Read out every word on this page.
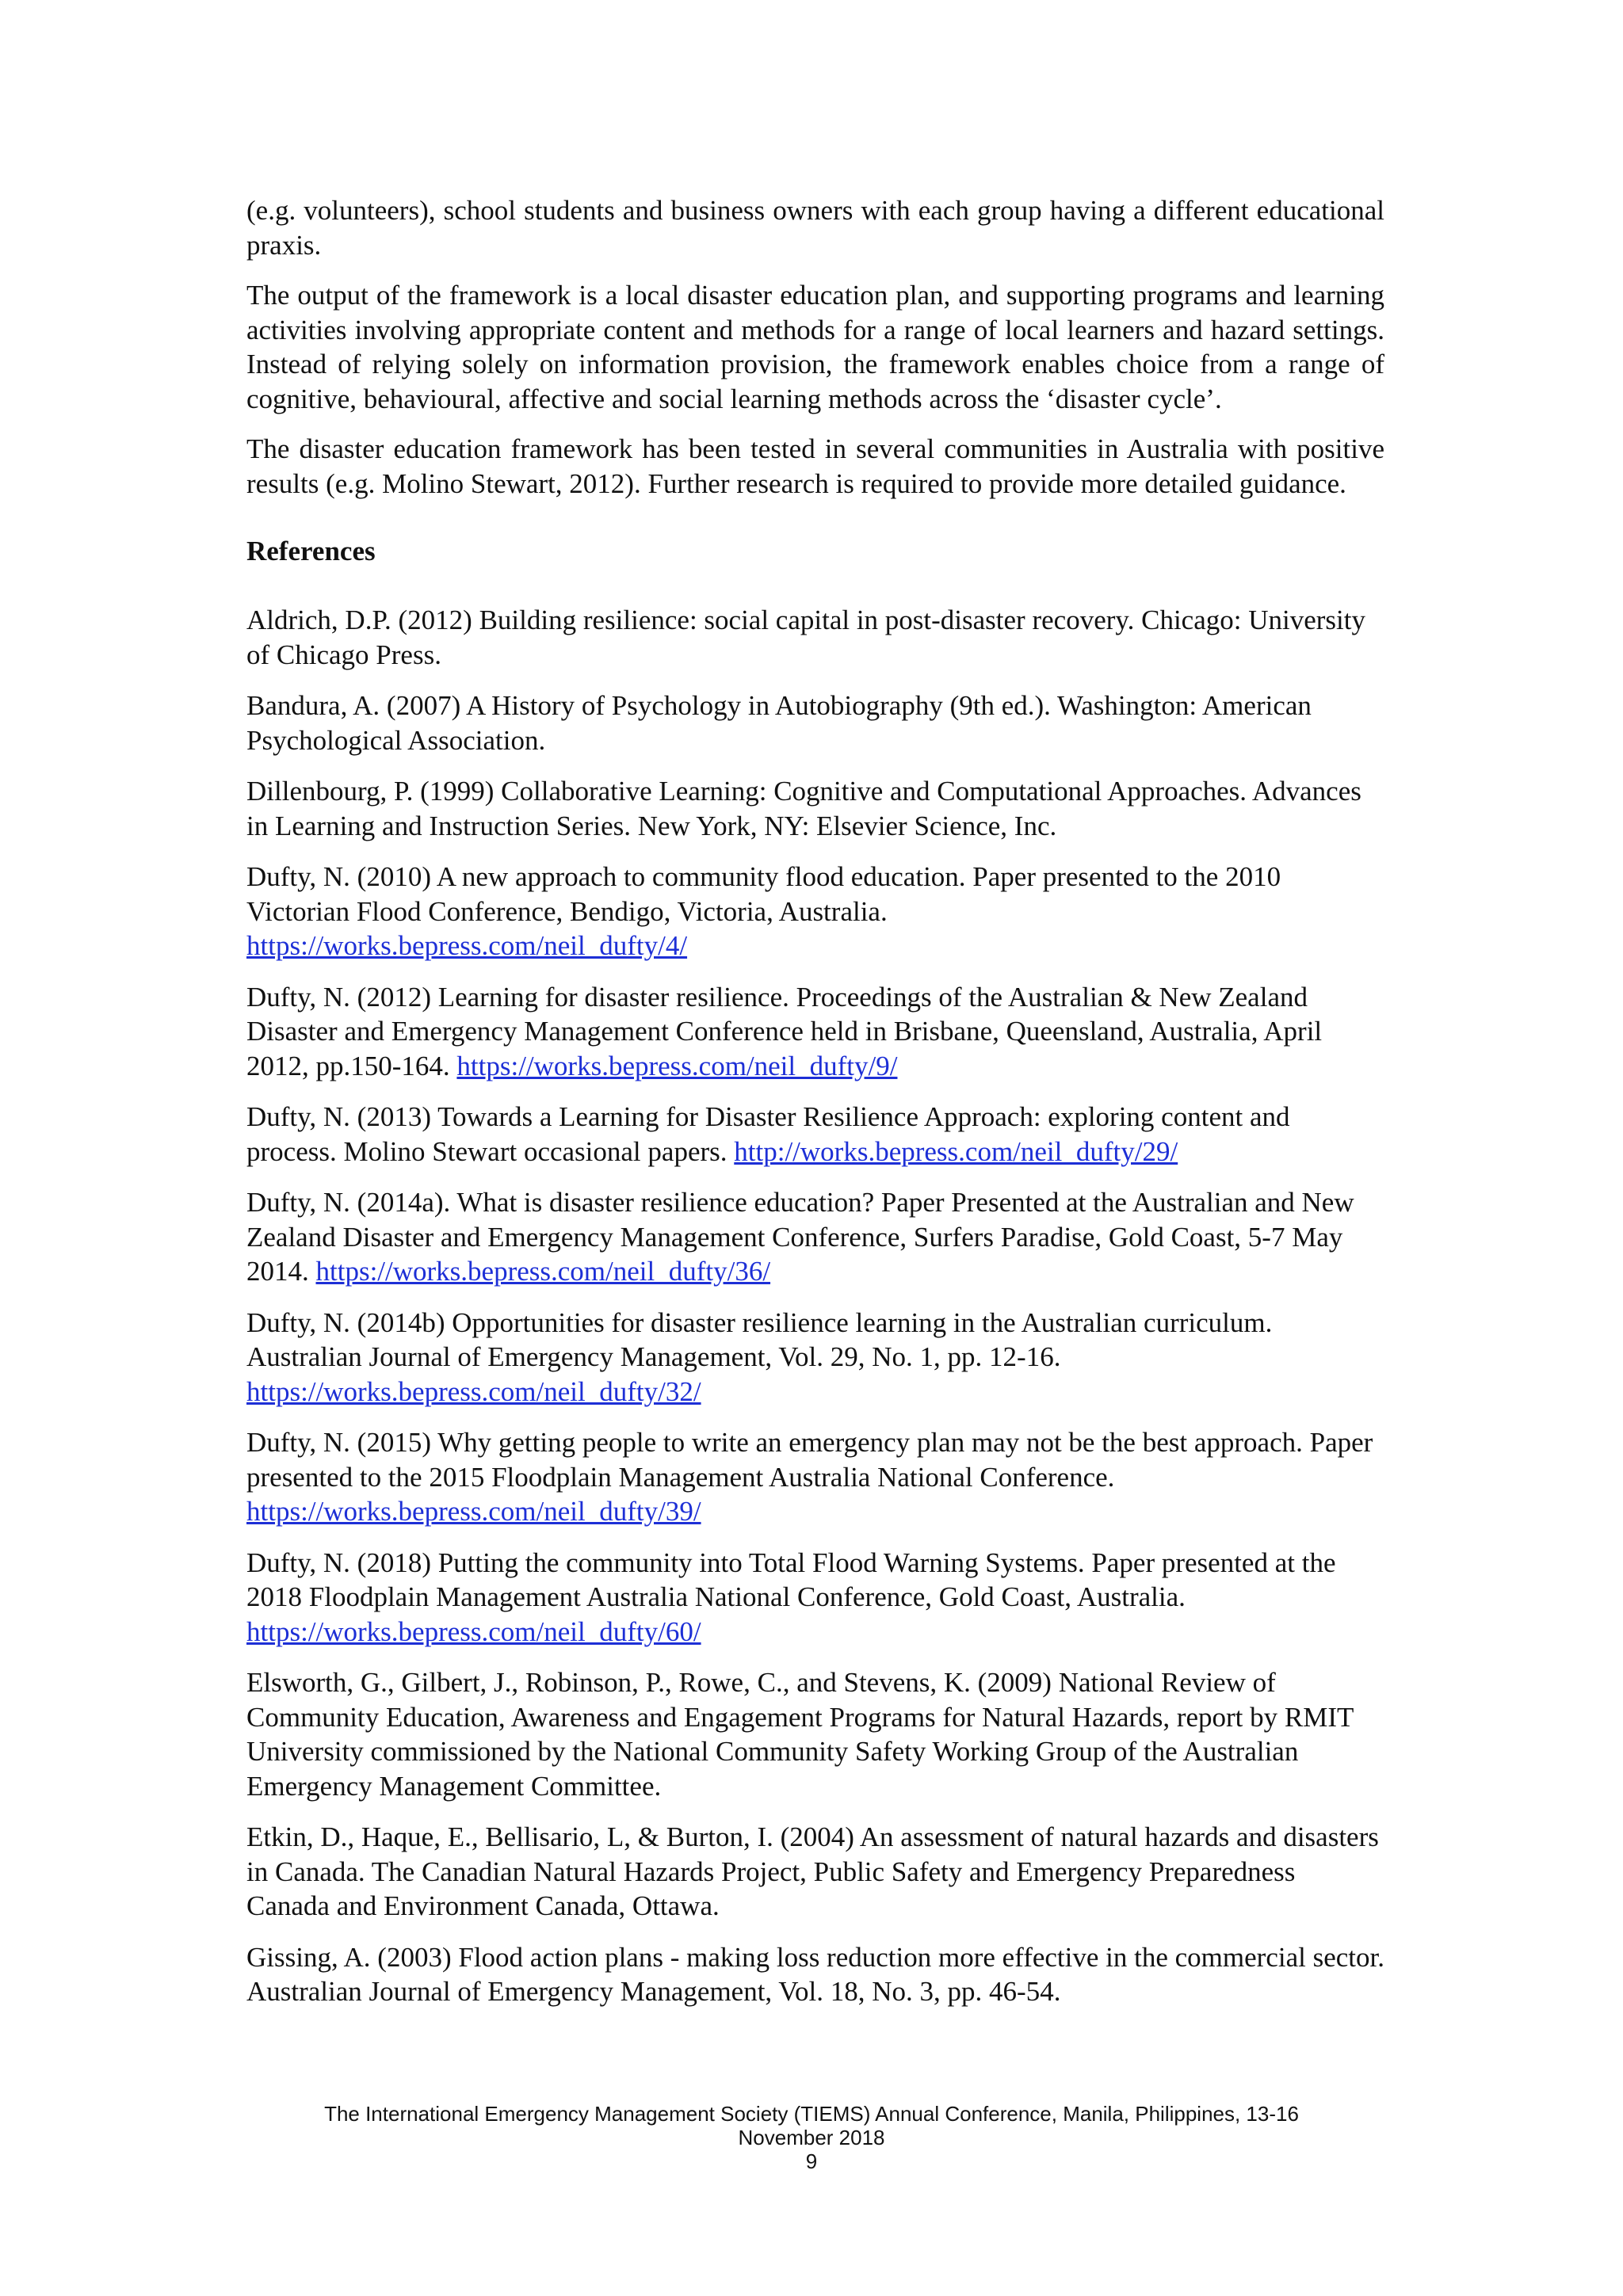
(e.g. volunteers), school students and business owners with each group having a different educational praxis.

The output of the framework is a local disaster education plan, and supporting programs and learning activities involving appropriate content and methods for a range of local learners and hazard settings. Instead of relying solely on information provision, the framework enables choice from a range of cognitive, behavioural, affective and social learning methods across the ‘disaster cycle’.

The disaster education framework has been tested in several communities in Australia with positive results (e.g. Molino Stewart, 2012). Further research is required to provide more detailed guidance.

References

Aldrich, D.P. (2012) Building resilience: social capital in post-disaster recovery. Chicago: University of Chicago Press.

Bandura, A. (2007) A History of Psychology in Autobiography (9th ed.). Washington: American Psychological Association.

Dillenbourg, P. (1999) Collaborative Learning: Cognitive and Computational Approaches. Advances in Learning and Instruction Series. New York, NY: Elsevier Science, Inc.

Dufty, N. (2010) A new approach to community flood education. Paper presented to the 2010 Victorian Flood Conference, Bendigo, Victoria, Australia.
https://works.bepress.com/neil_dufty/4/

Dufty, N. (2012) Learning for disaster resilience. Proceedings of the Australian & New Zealand Disaster and Emergency Management Conference held in Brisbane, Queensland, Australia, April 2012, pp.150-164. https://works.bepress.com/neil_dufty/9/

Dufty, N. (2013) Towards a Learning for Disaster Resilience Approach: exploring content and process. Molino Stewart occasional papers. http://works.bepress.com/neil_dufty/29/

Dufty, N. (2014a). What is disaster resilience education? Paper Presented at the Australian and New Zealand Disaster and Emergency Management Conference, Surfers Paradise, Gold Coast, 5-7 May 2014. https://works.bepress.com/neil_dufty/36/

Dufty, N. (2014b) Opportunities for disaster resilience learning in the Australian curriculum. Australian Journal of Emergency Management, Vol. 29, No. 1, pp. 12-16.
https://works.bepress.com/neil_dufty/32/

Dufty, N. (2015) Why getting people to write an emergency plan may not be the best approach. Paper presented to the 2015 Floodplain Management Australia National Conference. https://works.bepress.com/neil_dufty/39/

Dufty, N. (2018) Putting the community into Total Flood Warning Systems. Paper presented at the 2018 Floodplain Management Australia National Conference, Gold Coast, Australia.
https://works.bepress.com/neil_dufty/60/

Elsworth, G., Gilbert, J., Robinson, P., Rowe, C., and Stevens, K. (2009) National Review of Community Education, Awareness and Engagement Programs for Natural Hazards, report by RMIT University commissioned by the National Community Safety Working Group of the Australian Emergency Management Committee.

Etkin, D., Haque, E., Bellisario, L, & Burton, I. (2004) An assessment of natural hazards and disasters in Canada. The Canadian Natural Hazards Project, Public Safety and Emergency Preparedness Canada and Environment Canada, Ottawa.

Gissing, A. (2003) Flood action plans - making loss reduction more effective in the commercial sector. Australian Journal of Emergency Management, Vol. 18, No. 3, pp. 46-54.

The International Emergency Management Society (TIEMS) Annual Conference, Manila, Philippines, 13-16
November 2018
9
